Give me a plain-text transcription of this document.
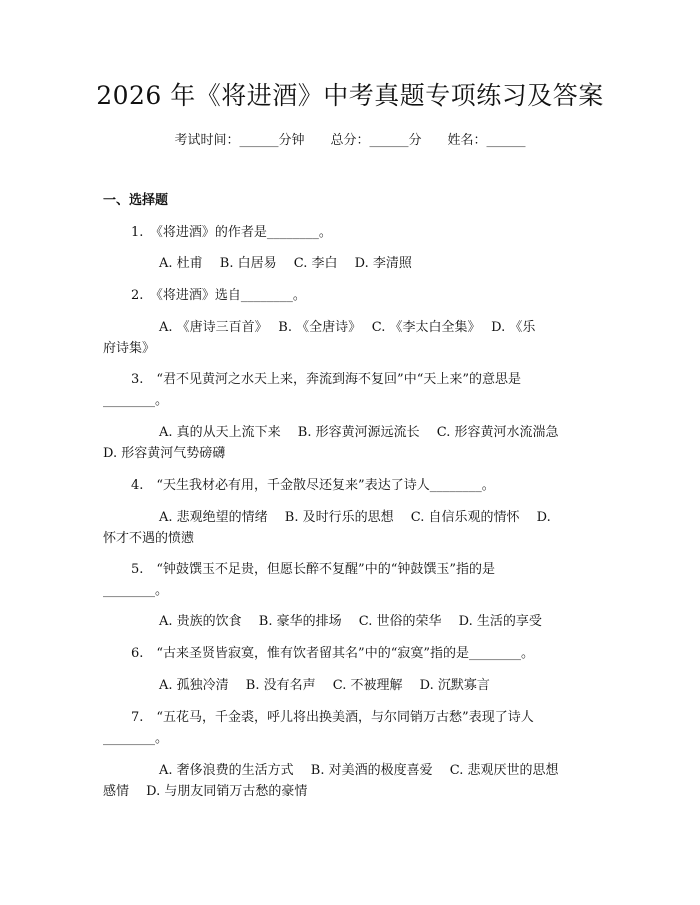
2026 年《将进酒》中考真题专项练习及答案
考试时间：______分钟　　总分：______分　　姓名：______
一、选择题
1.　《将进酒》的作者是________。
A. 杜甫　 B. 白居易　 C. 李白　 D. 李清照
2.　《将进酒》选自________。
A. 《唐诗三百首》　 B. 《全唐诗》　 C. 《李太白全集》　 D. 《乐
府诗集》
3.　“君不见黄河之水天上来，奔流到海不复回”中“天上来”的意思是
________。
A. 真的从天上流下来　 B. 形容黄河源远流长　 C. 形容黄河水流湍急
D. 形容黄河气势磅礴
4.　“天生我材必有用，千金散尽还复来”表达了诗人________。
A. 悲观绝望的情绪　 B. 及时行乐的思想　 C. 自信乐观的情怀　 D.
怀才不遇的愤懑
5.　“钟鼓馔玉不足贵，但愿长醉不复醒”中的“钟鼓馔玉”指的是
________。
A. 贵族的饮食　 B. 豪华的排场　 C. 世俗的荣华　 D. 生活的享受
6.　“古来圣贤皆寂寞，惟有饮者留其名”中的“寂寞”指的是________。
A. 孤独冷清　 B. 没有名声　 C. 不被理解　 D. 沉默寡言
7.　“五花马，千金裘，呼儿将出换美酒，与尔同销万古愁”表现了诗人
________。
A. 奢侈浪费的生活方式　 B. 对美酒的极度喜爱　 C. 悲观厌世的思想
感情　 D. 与朋友同销万古愁的豪情
